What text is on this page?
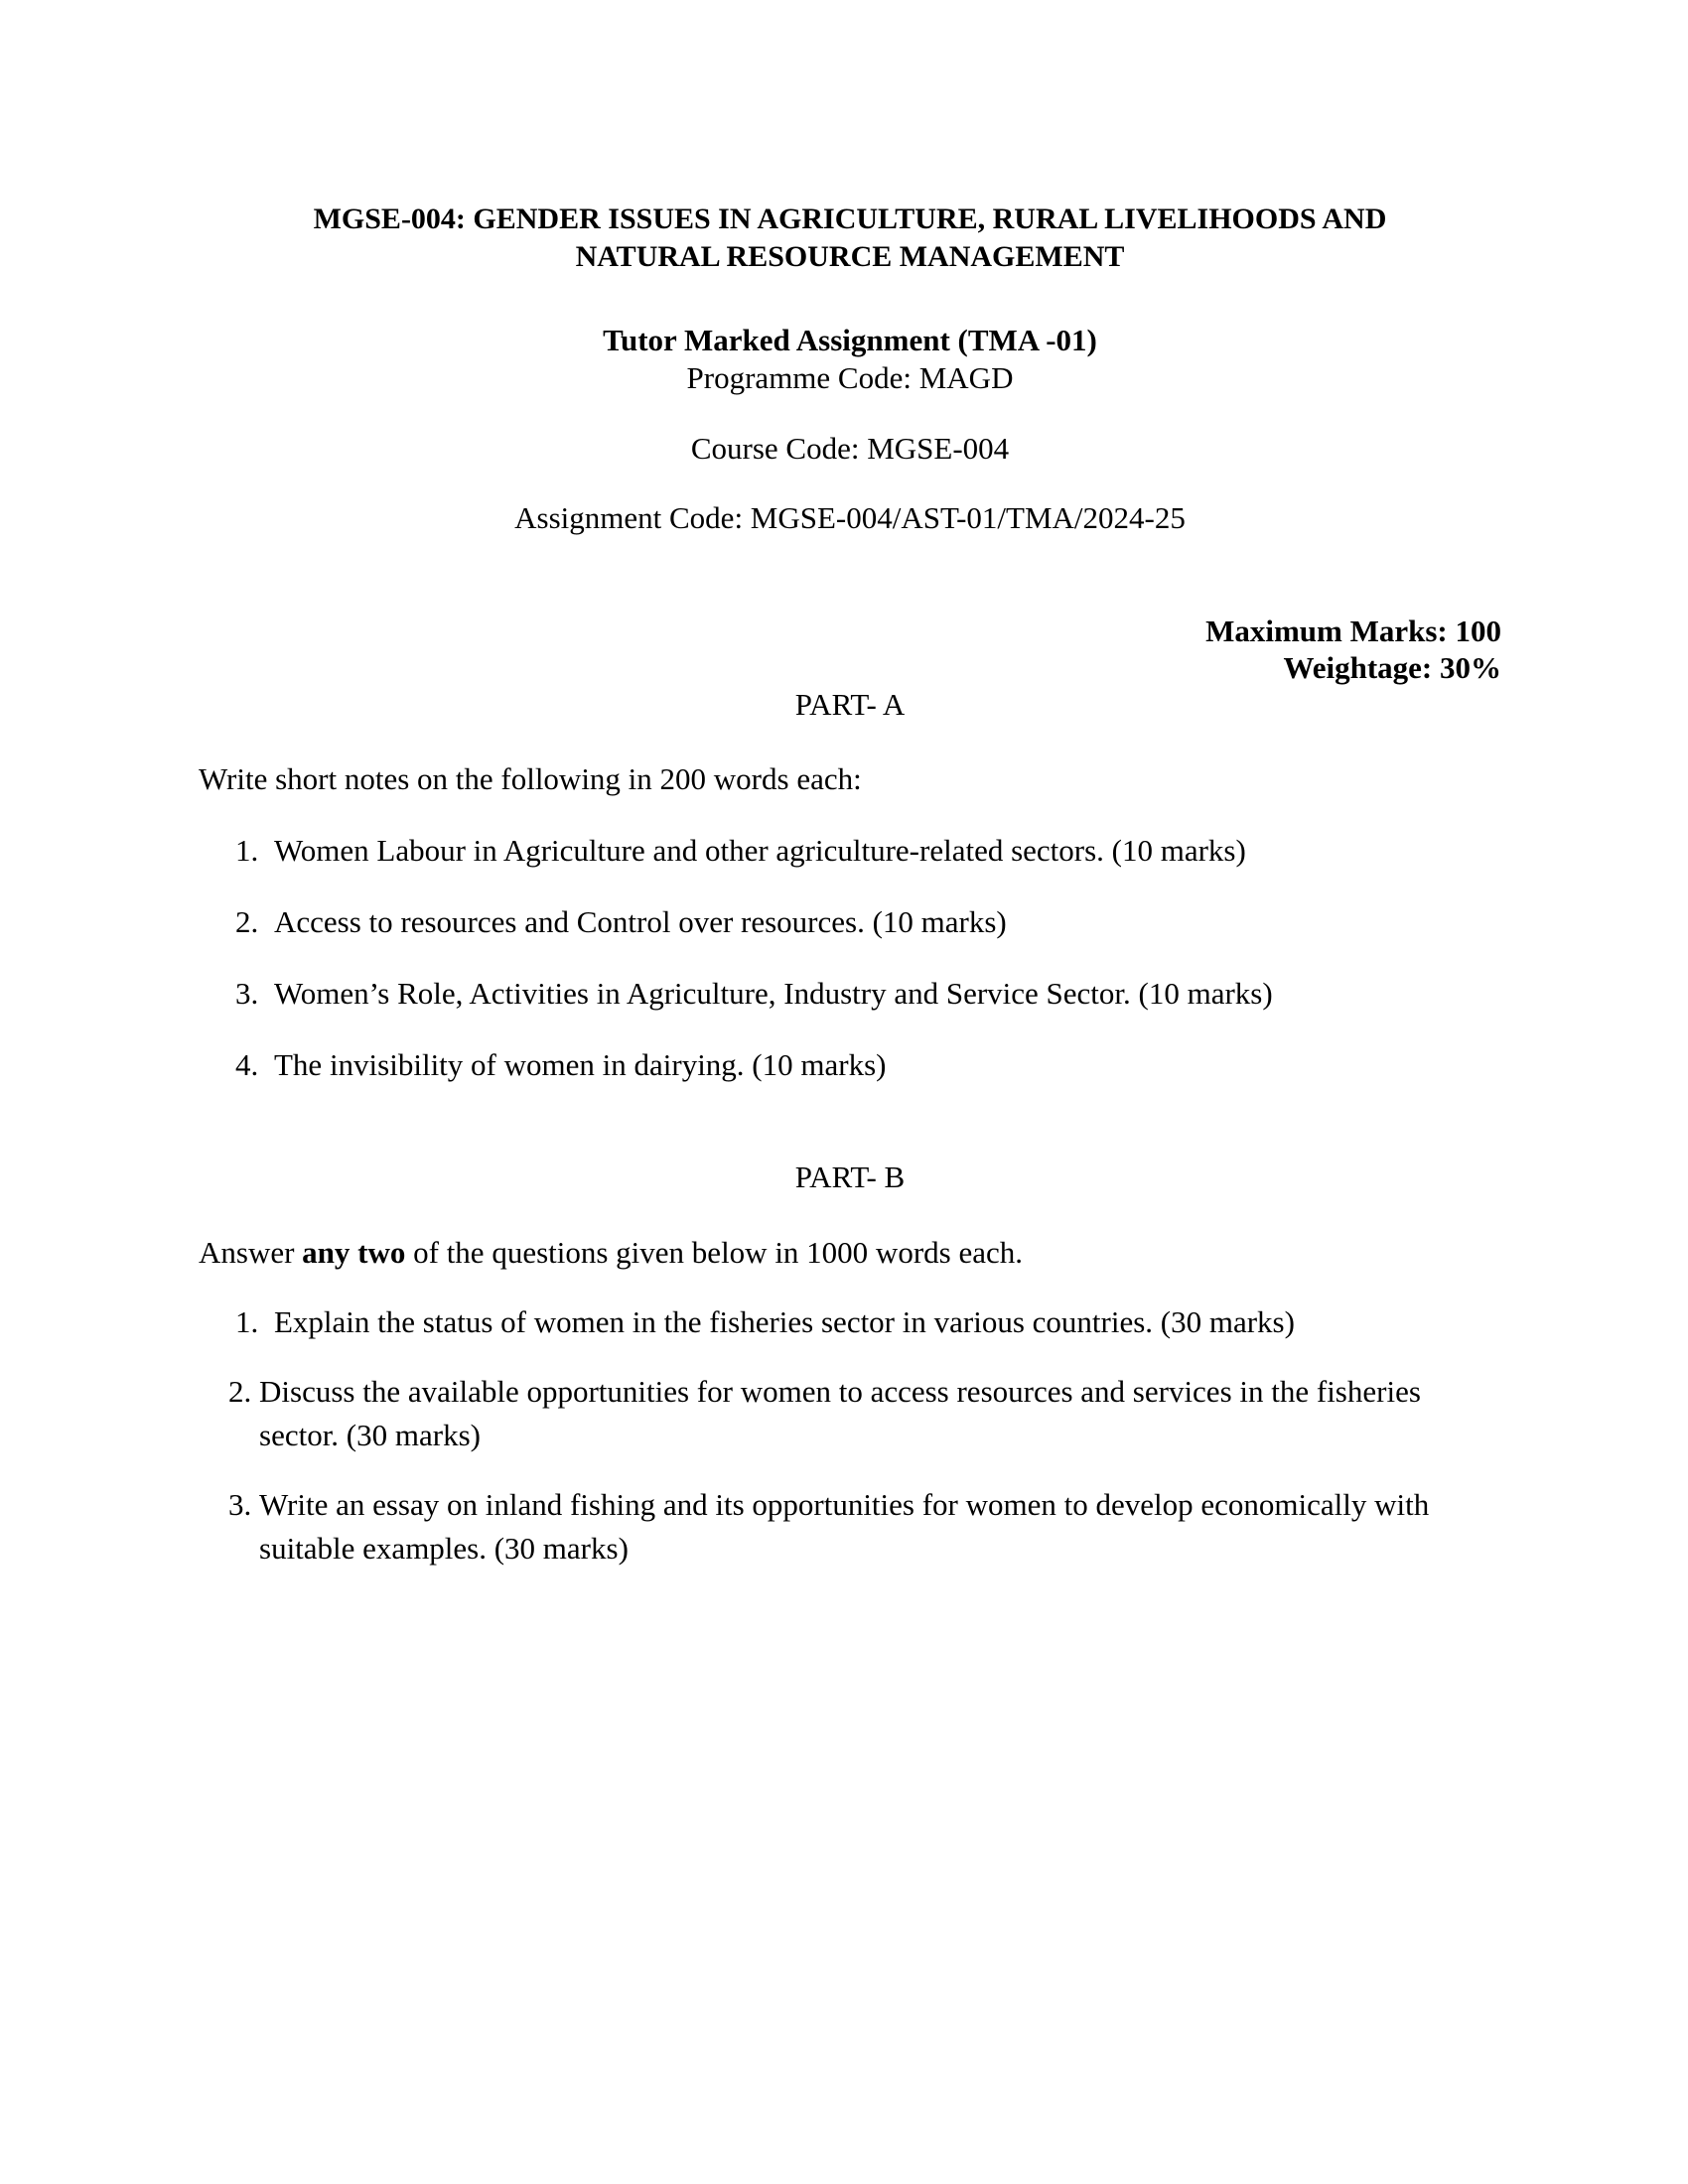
MGSE-004: GENDER ISSUES IN AGRICULTURE, RURAL LIVELIHOODS AND
NATURAL RESOURCE MANAGEMENT
Tutor Marked Assignment (TMA -01)
Programme Code: MAGD
Course Code: MGSE-004
Assignment Code: MGSE-004/AST-01/TMA/2024-25
Maximum Marks: 100
Weightage: 30%
PART- A
Write short notes on the following in 200 words each:
1. Women Labour in Agriculture and other agriculture-related sectors. (10 marks)
2. Access to resources and Control over resources. (10 marks)
3. Women’s Role, Activities in Agriculture, Industry and Service Sector. (10 marks)
4. The invisibility of women in dairying. (10 marks)
PART- B
Answer any two of the questions given below in 1000 words each.
1. Explain the status of women in the fisheries sector in various countries. (30 marks)
2. Discuss the available opportunities for women to access resources and services in the fisheries sector. (30 marks)
3. Write an essay on inland fishing and its opportunities for women to develop economically with suitable examples. (30 marks)
